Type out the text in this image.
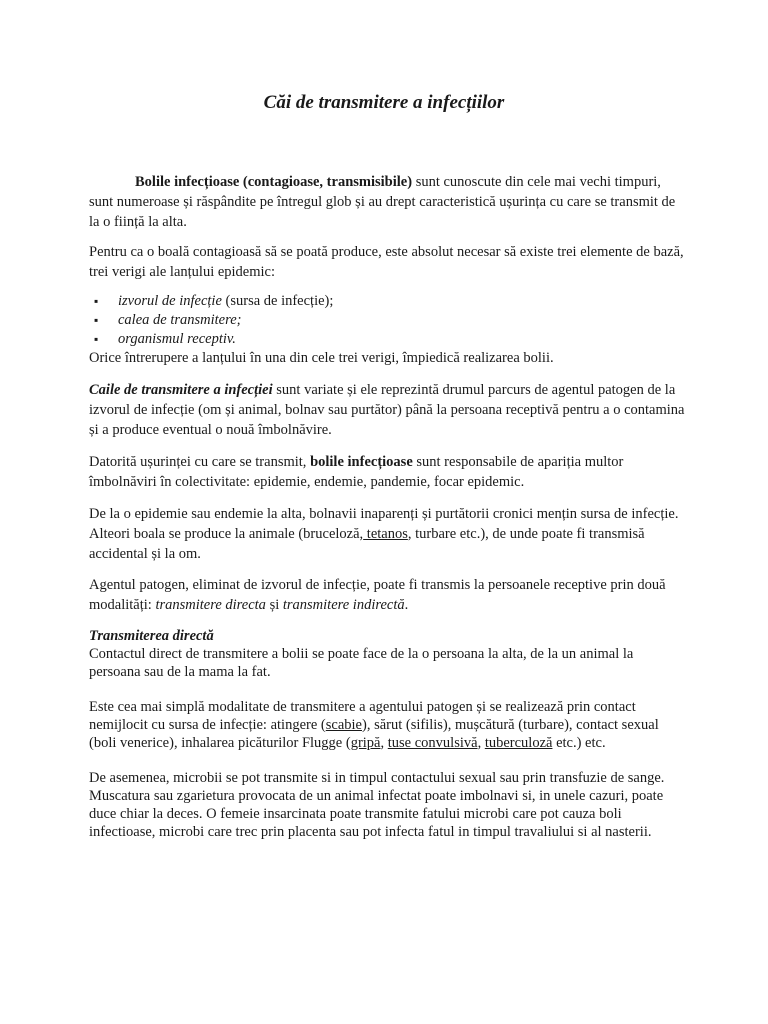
Căi de transmitere a infecțiilor

Bolile infecțioase (contagioase, transmisibile) sunt cunoscute din cele mai vechi timpuri, sunt numeroase și răspândite pe întregul glob și au drept caracteristică ușurința cu care se transmit de la o ființă la alta.

Pentru ca o boală contagioasă să se poată produce, este absolut necesar să existe trei elemente de bază, trei verigi ale lanțului epidemic:

▪ izvorul de infecție (sursa de infecție);
▪ calea de transmitere;
▪ organismul receptiv.

Orice întrerupere a lanțului în una din cele trei verigi, împiedică realizarea bolii.

Caile de transmitere a infecției sunt variate și ele reprezintă drumul parcurs de agentul patogen de la izvorul de infecție (om și animal, bolnav sau purtător) până la persoana receptivă pentru a o contamina și a produce eventual o nouă îmbolnăvire.

Datorită ușurinței cu care se transmit, bolile infecțioase sunt responsabile de apariția multor îmbolnăviri în colectivitate: epidemie, endemie, pandemie, focar epidemic.

De la o epidemie sau endemie la alta, bolnavii inaparenți și purtătorii cronici mențin sursa de infecție. Alteori boala se produce la animale (bruceloză, tetanos, turbare etc.), de unde poate fi transmisă accidental și la om.

Agentul patogen, eliminat de izvorul de infecție, poate fi transmis la persoanele receptive prin două modalități: transmitere directa și transmitere indirectă.

Transmiterea directă

Contactul direct de transmitere a bolii se poate face de la o persoana la alta, de la un animal la persoana sau de la mama la fat.

Este cea mai simplă modalitate de transmitere a agentului patogen și se realizează prin contact nemijlocit cu sursa de infecție: atingere (scabie), sărut (sifilis), mușcătură (turbare), contact sexual (boli venerice), inhalarea picăturilor Flugge (gripă, tuse convulsivă, tuberculoză etc.) etc.

De asemenea, microbii se pot transmite si in timpul contactului sexual sau prin transfuzie de sange. Muscatura sau zgarietura provocata de un animal infectat poate imbolnavi si, in unele cazuri, poate duce chiar la deces. O femeie insarcinata poate transmite fatului microbi care pot cauza boli infectioase, microbi care trec prin placenta sau pot infecta fatul in timpul travaliului si al nasterii.
